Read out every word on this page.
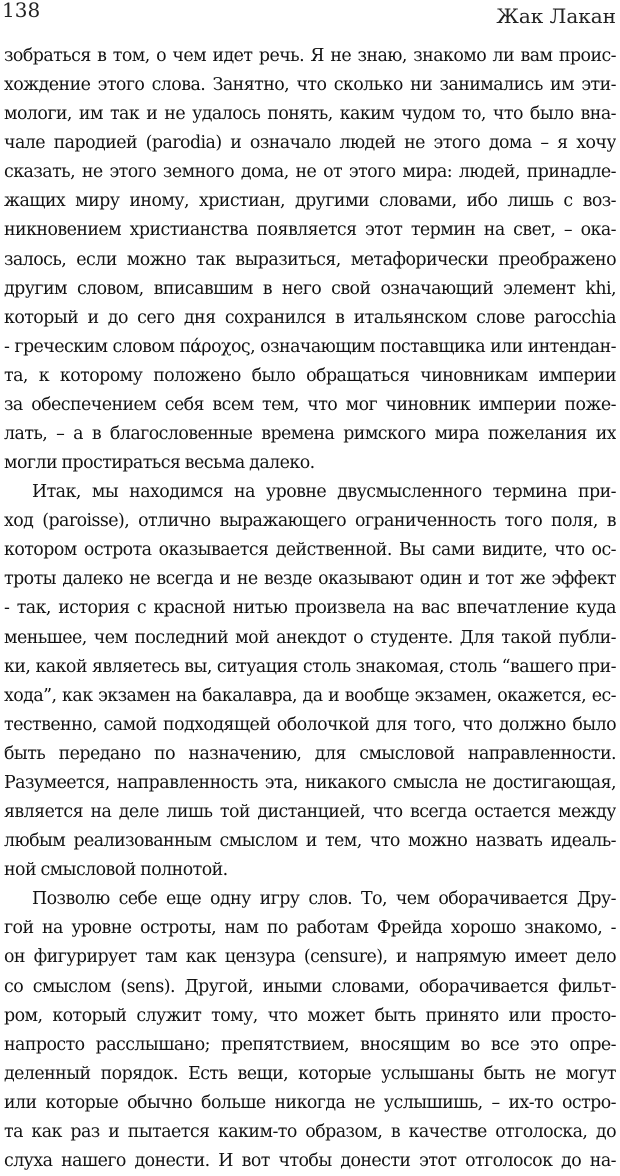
138	Жак Лакан
зобраться в том, о чем идет речь. Я не знаю, знакомо ли вам проис-
хождение этого слова. Занятно, что сколько ни занимались им эти-
мологи, им так и не удалось понять, каким чудом то, что было вна-
чале пародией (parodia) и означало людей не этого дома – я хочу
сказать, не этого земного дома, не от этого мира: людей, принадле-
жащих миру иному, христиан, другими словами, ибо лишь с воз-
никновением христианства появляется этот термин на свет, – ока-
залось, если можно так выразиться, метафорически преображено
другим словом, вписавшим в него свой означающий элемент khi,
который и до сего дня сохранился в итальянском слове parocchia
- греческим словом πάροχος, означающим поставщика или интендан-
та, к которому положено было обращаться чиновникам империи
за обеспечением себя всем тем, что мог чиновник империи поже-
лать, – а в благословенные времена римского мира пожелания их
могли простираться весьма далеко.
Итак, мы находимся на уровне двусмысленного термина при-
ход (paroisse), отлично выражающего ограниченность того поля, в
котором острота оказывается действенной. Вы сами видите, что ос-
троты далеко не всегда и не везде оказывают один и тот же эффект
- так, история с красной нитью произвела на вас впечатление куда
меньшее, чем последний мой анекдот о студенте. Для такой публи-
ки, какой являетесь вы, ситуация столь знакомая, столь “вашего при-
хода”, как экзамен на бакалавра, да и вообще экзамен, окажется, ес-
тественно, самой подходящей оболочкой для того, что должно было
быть передано по назначению, для смысловой направленности.
Разумеется, направленность эта, никакого смысла не достигающая,
является на деле лишь той дистанцией, что всегда остается между
любым реализованным смыслом и тем, что можно назвать идеаль-
ной смысловой полнотой.
Позволю себе еще одну игру слов. То, чем оборачивается Дру-
гой на уровне остроты, нам по работам Фрейда хорошо знакомо, -
он фигурирует там как цензура (censure), и напрямую имеет дело
со смыслом (sens). Другой, иными словами, оборачивается фильт-
ром, который служит тому, что может быть принято или просто-
напросто расслышано; препятствием, вносящим во все это опре-
деленный порядок. Есть вещи, которые услышаны быть не могут
или которые обычно больше никогда не услышишь, – их-то остро-
та как раз и пытается каким-то образом, в качестве отголоска, до
слуха нашего донести. И вот чтобы донести этот отголосок до на-
